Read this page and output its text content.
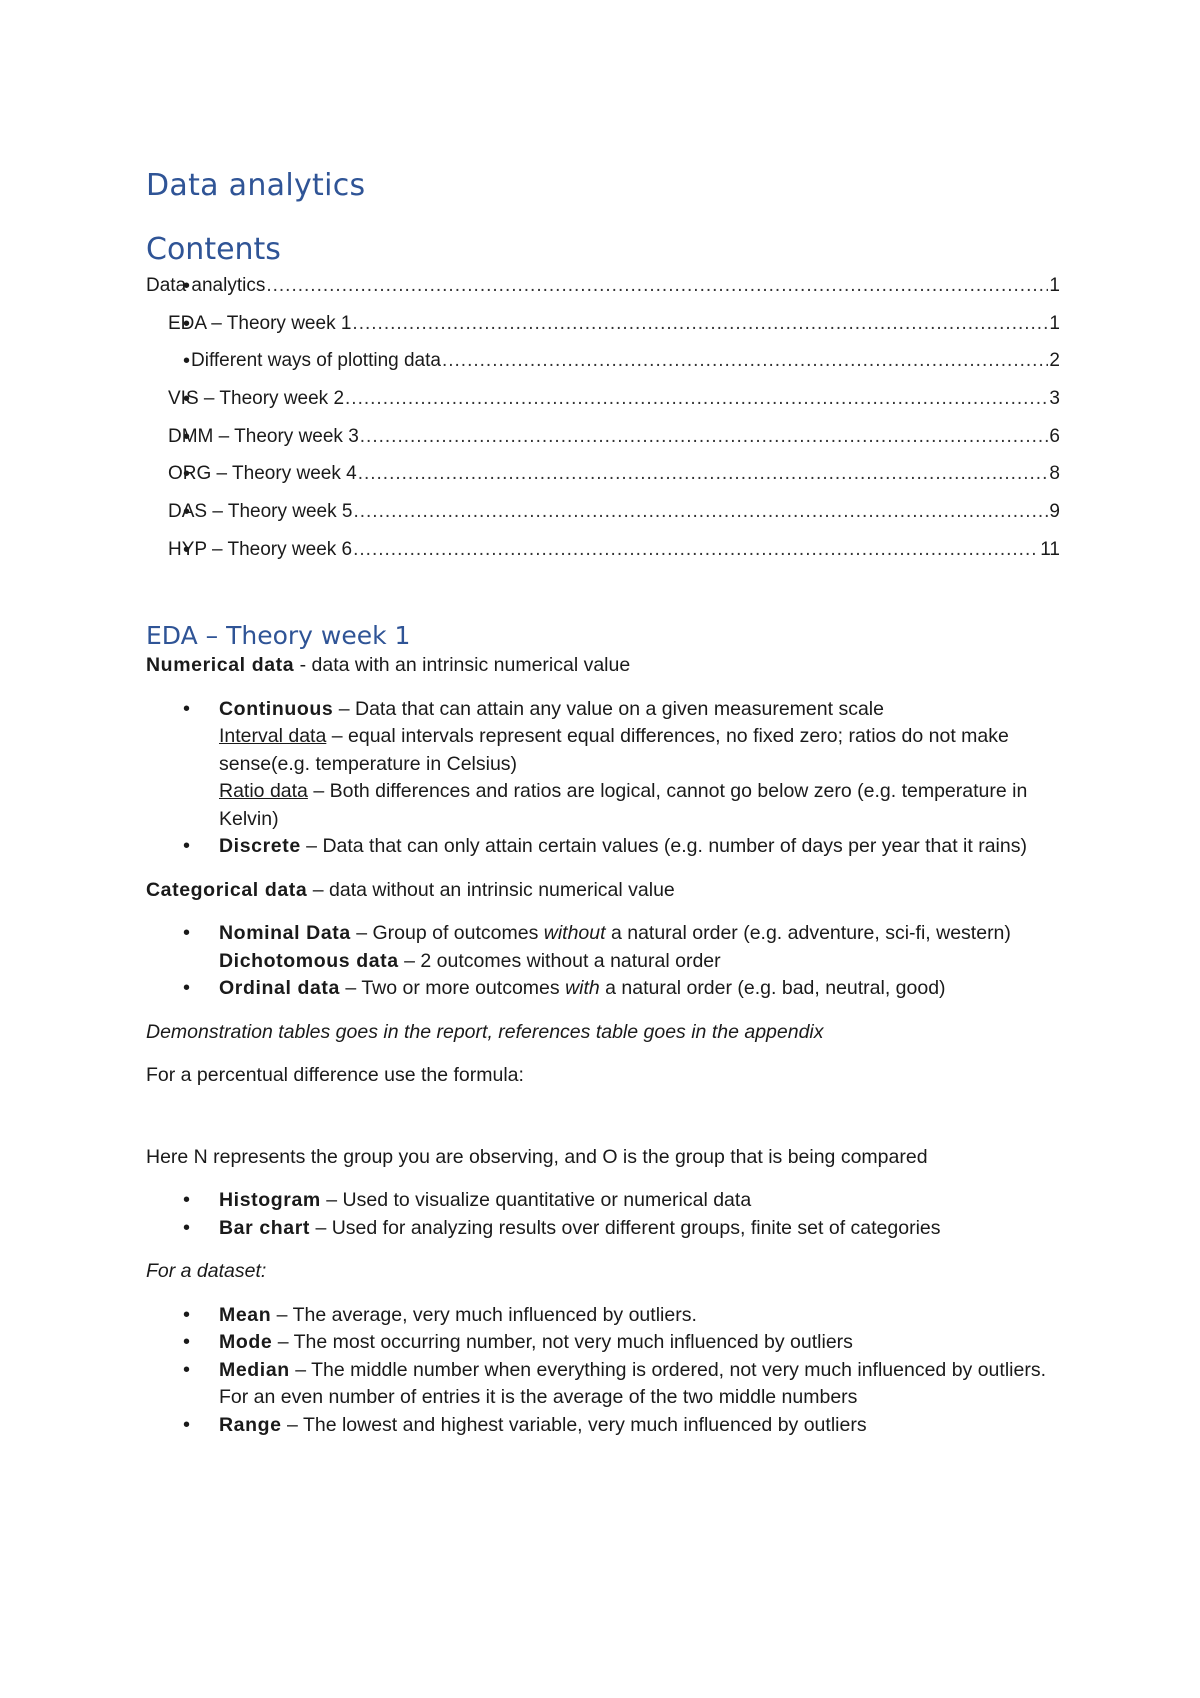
Data analytics
Contents
• Data analytics .....	1
• EDA – Theory week 1 .....	1
• Different ways of plotting data .....	2
• VIS – Theory week 2 .....	3
• DMM – Theory week 3 .....	6
• ORG – Theory week 4 .....	8
• DAS – Theory week 5 .....	9
• HYP – Theory week 6 .....	11
EDA – Theory week 1

Numerical data - data with an intrinsic numerical value

• Continuous – Data that can attain any value on a given measurement scale
Interval data – equal intervals represent equal differences, no fixed zero; ratios do not make sense(e.g. temperature in Celsius)
Ratio data – Both differences and ratios are logical, cannot go below zero (e.g. temperature in Kelvin)
• Discrete – Data that can only attain certain values (e.g. number of days per year that it rains)

Categorical data – data without an intrinsic numerical value

• Nominal Data – Group of outcomes without a natural order (e.g. adventure, sci-fi, western)
Dichotomous data – 2 outcomes without a natural order
• Ordinal data – Two or more outcomes with a natural order (e.g. bad, neutral, good)

Demonstration tables goes in the report, references table goes in the appendix

For a percentual difference use the formula:

Here N represents the group you are observing, and O is the group that is being compared

• Histogram – Used to visualize quantitative or numerical data
• Bar chart – Used for analyzing results over different groups, finite set of categories

For a dataset:

• Mean – The average, very much influenced by outliers.
• Mode – The most occurring number, not very much influenced by outliers
• Median – The middle number when everything is ordered, not very much influenced by outliers. For an even number of entries it is the average of the two middle numbers
• Range – The lowest and highest variable, very much influenced by outliers
